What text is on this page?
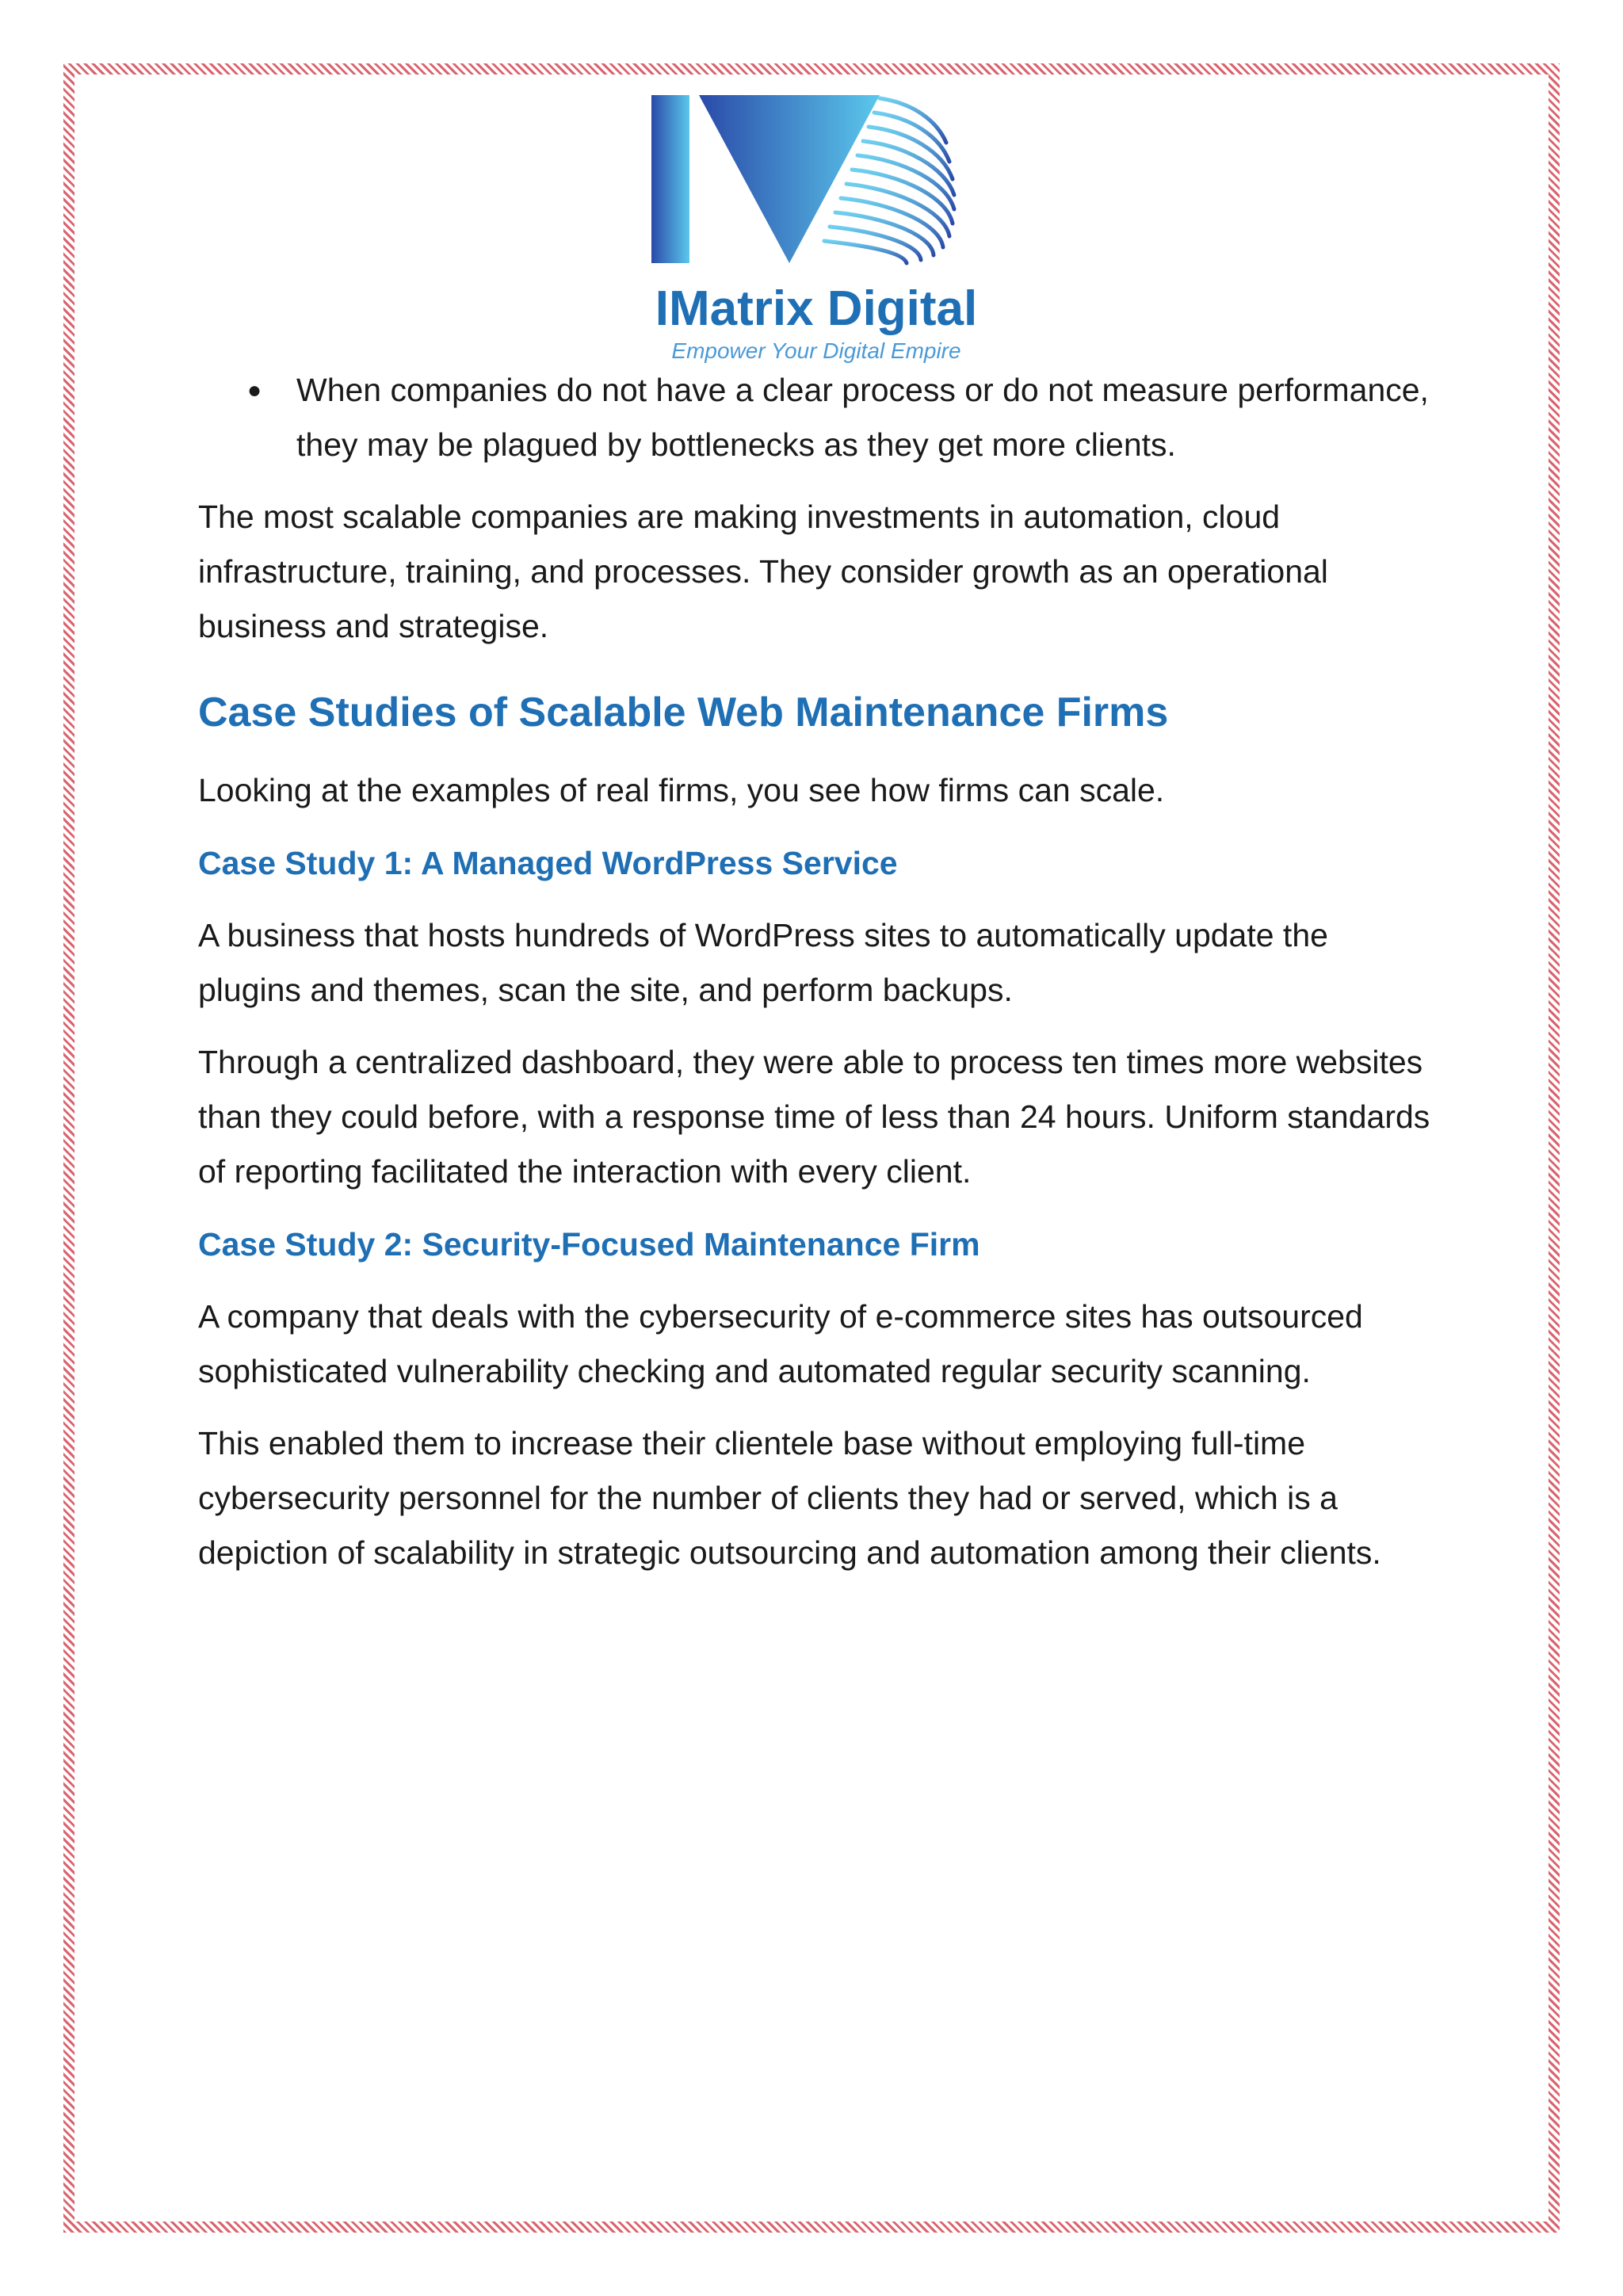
IMatrix Digital
Empower Your Digital Empire
● When companies do not have a clear process or do not measure performance, they may be plagued by bottlenecks as they get more clients.

The most scalable companies are making investments in automation, cloud infrastructure, training, and processes. They consider growth as an operational business and strategise.

Case Studies of Scalable Web Maintenance Firms

Looking at the examples of real firms, you see how firms can scale.

Case Study 1: A Managed WordPress Service

A business that hosts hundreds of WordPress sites to automatically update the plugins and themes, scan the site, and perform backups.

Through a centralized dashboard, they were able to process ten times more websites than they could before, with a response time of less than 24 hours. Uniform standards of reporting facilitated the interaction with every client.

Case Study 2: Security-Focused Maintenance Firm

A company that deals with the cybersecurity of e-commerce sites has outsourced sophisticated vulnerability checking and automated regular security scanning.

This enabled them to increase their clientele base without employing full-time cybersecurity personnel for the number of clients they had or served, which is a depiction of scalability in strategic outsourcing and automation among their clients.
